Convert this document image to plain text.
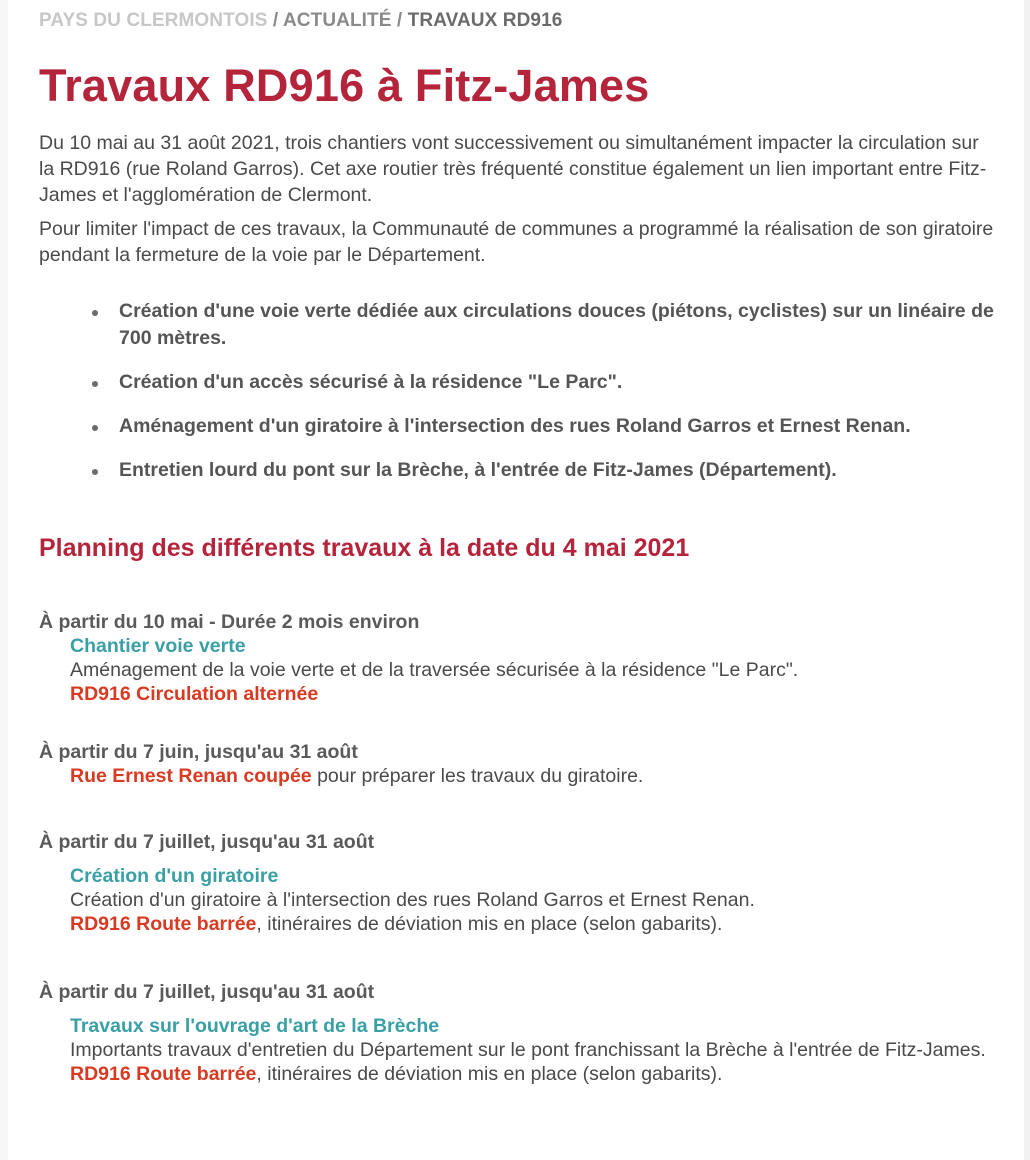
PAYS DU CLERMONTOIS / ACTUALITÉ / TRAVAUX RD916
Travaux RD916 à Fitz-James

Du 10 mai au 31 août 2021, trois chantiers vont successivement ou simultanément impacter la circulation sur la RD916 (rue Roland Garros). Cet axe routier très fréquenté constitue également un lien important entre Fitz-James et l'agglomération de Clermont.

Pour limiter l'impact de ces travaux, la Communauté de communes a programmé la réalisation de son giratoire pendant la fermeture de la voie par le Département.

Création d'une voie verte dédiée aux circulations douces (piétons, cyclistes) sur un linéaire de 700 mètres.
Création d'un accès sécurisé à la résidence "Le Parc".
Aménagement d'un giratoire à l'intersection des rues Roland Garros et Ernest Renan.
Entretien lourd du pont sur la Brèche, à l'entrée de Fitz-James (Département).
Planning des différents travaux à la date du 4 mai 2021
À partir du 10 mai - Durée 2 mois environ
Chantier voie verte
Aménagement de la voie verte et de la traversée sécurisée à la résidence "Le Parc".
RD916 Circulation alternée
À partir du 7 juin, jusqu'au 31 août
Rue Ernest Renan coupée pour préparer les travaux du giratoire.
À partir du 7 juillet, jusqu'au 31 août
Création d'un giratoire
Création d'un giratoire à l'intersection des rues Roland Garros et Ernest Renan.
RD916 Route barrée, itinéraires de déviation mis en place (selon gabarits).
À partir du 7 juillet, jusqu'au 31 août
Travaux sur l'ouvrage d'art de la Brèche
Importants travaux d'entretien du Département sur le pont franchissant la Brèche à l'entrée de Fitz-James.
RD916 Route barrée, itinéraires de déviation mis en place (selon gabarits).
